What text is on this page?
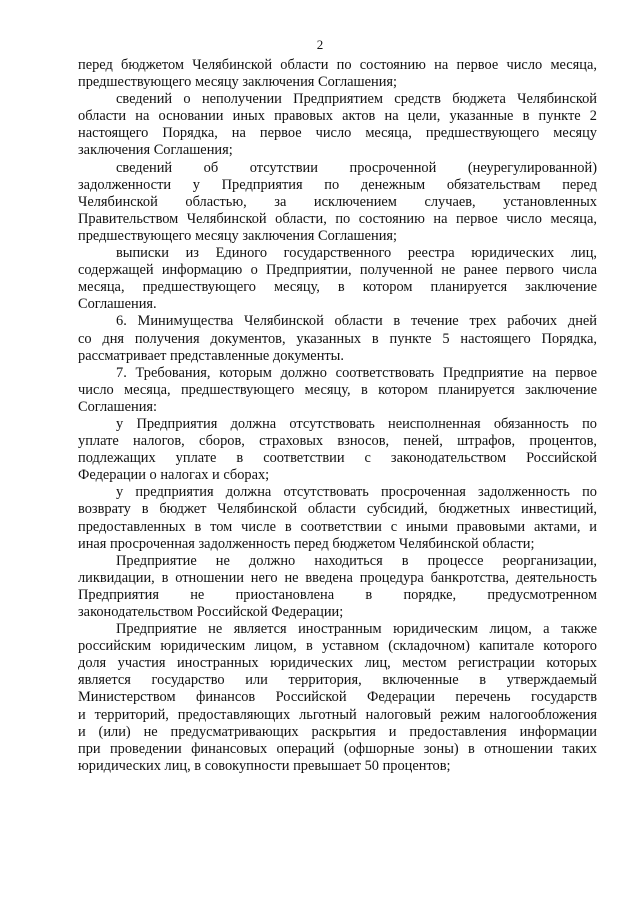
2
перед бюджетом Челябинской области по состоянию на первое число месяца,
предшествующего месяцу заключения Соглашения;
сведений о неполучении Предприятием средств бюджета Челябинской
области на основании иных правовых актов на цели, указанные в пункте 2
настоящего Порядка, на первое число месяца, предшествующего месяцу
заключения Соглашения;
сведений об отсутствии просроченной (неурегулированной)
задолженности у Предприятия по денежным обязательствам перед
Челябинской областью, за исключением случаев, установленных
Правительством Челябинской области, по состоянию на первое число месяца,
предшествующего месяцу заключения Соглашения;
выписки из Единого государственного реестра юридических лиц,
содержащей информацию о Предприятии, полученной не ранее первого числа
месяца, предшествующего месяцу, в котором планируется заключение
Соглашения.
6. Минимущества Челябинской области в течение трех рабочих дней
со дня получения документов, указанных в пункте 5 настоящего Порядка,
рассматривает представленные документы.
7. Требования, которым должно соответствовать Предприятие на первое
число месяца, предшествующего месяцу, в котором планируется заключение
Соглашения:
у Предприятия должна отсутствовать неисполненная обязанность по
уплате налогов, сборов, страховых взносов, пеней, штрафов, процентов,
подлежащих уплате в соответствии с законодательством Российской
Федерации о налогах и сборах;
у предприятия должна отсутствовать просроченная задолженность по
возврату в бюджет Челябинской области субсидий, бюджетных инвестиций,
предоставленных в том числе в соответствии с иными правовыми актами, и
иная просроченная задолженность перед бюджетом Челябинской области;
Предприятие не должно находиться в процессе реорганизации,
ликвидации, в отношении него не введена процедура банкротства, деятельность
Предприятия не приостановлена в порядке, предусмотренном
законодательством Российской Федерации;
Предприятие не является иностранным юридическим лицом, а также
российским юридическим лицом, в уставном (складочном) капитале которого
доля участия иностранных юридических лиц, местом регистрации которых
является государство или территория, включенные в утверждаемый
Министерством финансов Российской Федерации перечень государств
и территорий, предоставляющих льготный налоговый режим налогообложения
и (или) не предусматривающих раскрытия и предоставления информации
при проведении финансовых операций (офшорные зоны) в отношении таких
юридических лиц, в совокупности превышает 50 процентов;
